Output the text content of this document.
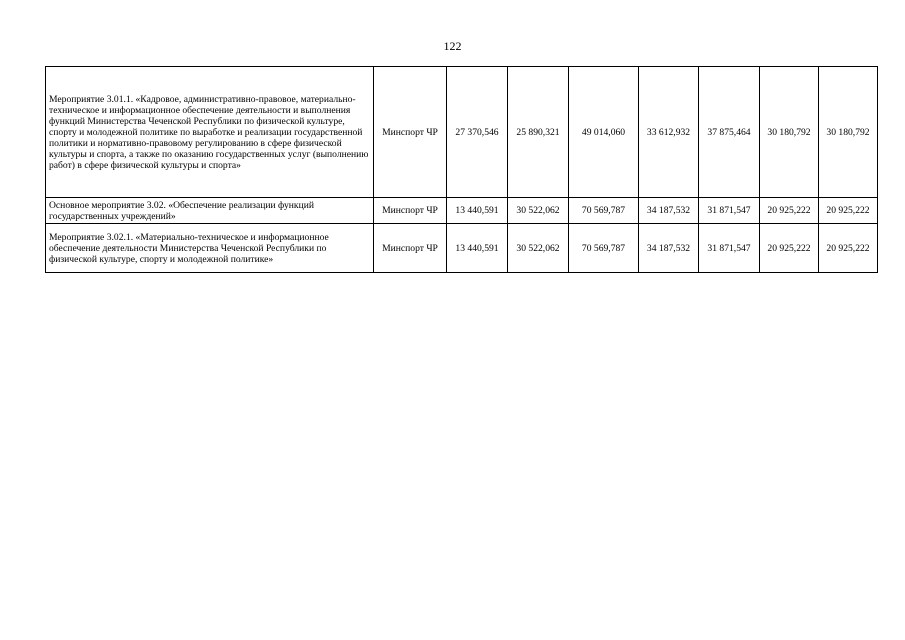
122
Мероприятие 3.01.1. «Кадровое, административно-правовое, материально-техническое и информационное обеспечение деятельности и выполнения функций Министерства Чеченской Республики по физической культуре, спорту и молодежной политике по выработке и реализации государственной политики и нормативно-правовому регулированию в сфере физической культуры и спорта, а также по оказанию государственных услуг (выполнению работ) в сфере физической культуры и спорта»	Минспорт ЧР	27 370,546	25 890,321	49 014,060	33 612,932	37 875,464	30 180,792	30 180,792
Основное мероприятие 3.02. «Обеспечение реализации функций государственных учреждений»	Минспорт ЧР	13 440,591	30 522,062	70 569,787	34 187,532	31 871,547	20 925,222	20 925,222
Мероприятие 3.02.1. «Материально-техническое и информационное обеспечение деятельности Министерства Чеченской Республики по физической культуре, спорту и молодежной политике»	Минспорт ЧР	13 440,591	30 522,062	70 569,787	34 187,532	31 871,547	20 925,222	20 925,222
